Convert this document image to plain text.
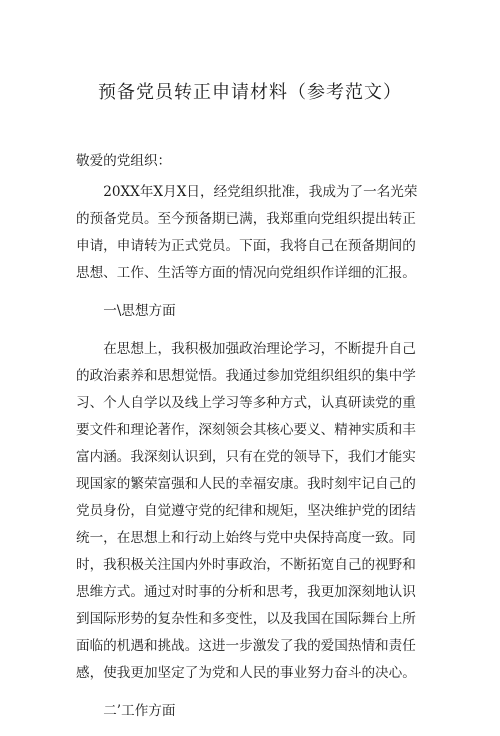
预备党员转正申请材料（参考范文）

敬爱的党组织：

20XX年X月X日，经党组织批准，我成为了一名光荣的预备党员。至今预备期已满，我郑重向党组织提出转正申请，申请转为正式党员。下面，我将自己在预备期间的思想、工作、生活等方面的情况向党组织作详细的汇报。

一\思想方面

在思想上，我积极加强政治理论学习，不断提升自己的政治素养和思想觉悟。我通过参加党组织组织的集中学习、个人自学以及线上学习等多种方式，认真研读党的重要文件和理论著作，深刻领会其核心要义、精神实质和丰富内涵。我深刻认识到，只有在党的领导下，我们才能实现国家的繁荣富强和人民的幸福安康。我时刻牢记自己的党员身份，自觉遵守党的纪律和规矩，坚决维护党的团结统一，在思想上和行动上始终与党中央保持高度一致。同时，我积极关注国内外时事政治，不断拓宽自己的视野和思维方式。通过对时事的分析和思考，我更加深刻地认识到国际形势的复杂性和多变性，以及我国在国际舞台上所面临的机遇和挑战。这进一步激发了我的爱国热情和责任感，使我更加坚定了为党和人民的事业努力奋斗的决心。

二’工作方面
